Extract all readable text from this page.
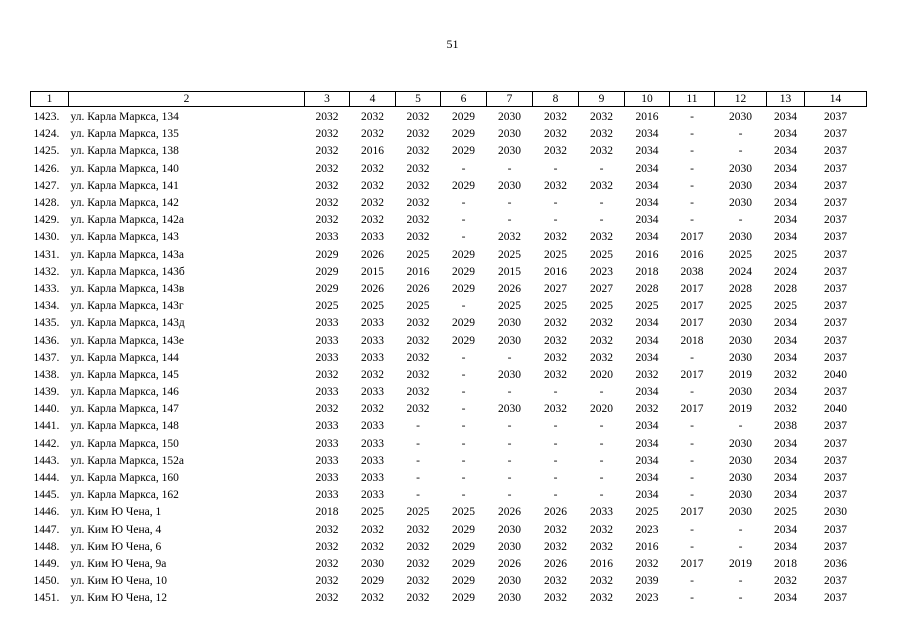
51
1	2	3	4	5	6	7	8	9	10	11	12	13	14
1423.	ул. Карла Маркса, 134	2032	2032	2032	2029	2030	2032	2032	2016	-	2030	2034	2037
1424.	ул. Карла Маркса, 135	2032	2032	2032	2029	2030	2032	2032	2034	-	-	2034	2037
1425.	ул. Карла Маркса, 138	2032	2016	2032	2029	2030	2032	2032	2034	-	-	2034	2037
1426.	ул. Карла Маркса, 140	2032	2032	2032	-	-	-	-	2034	-	2030	2034	2037
1427.	ул. Карла Маркса, 141	2032	2032	2032	2029	2030	2032	2032	2034	-	2030	2034	2037
1428.	ул. Карла Маркса, 142	2032	2032	2032	-	-	-	-	2034	-	2030	2034	2037
1429.	ул. Карла Маркса, 142а	2032	2032	2032	-	-	-	-	2034	-	-	2034	2037
1430.	ул. Карла Маркса, 143	2033	2033	2032	-	2032	2032	2032	2034	2017	2030	2034	2037
1431.	ул. Карла Маркса, 143а	2029	2026	2025	2029	2025	2025	2025	2016	2016	2025	2025	2037
1432.	ул. Карла Маркса, 143б	2029	2015	2016	2029	2015	2016	2023	2018	2038	2024	2024	2037
1433.	ул. Карла Маркса, 143в	2029	2026	2026	2029	2026	2027	2027	2028	2017	2028	2028	2037
1434.	ул. Карла Маркса, 143г	2025	2025	2025	-	2025	2025	2025	2025	2017	2025	2025	2037
1435.	ул. Карла Маркса, 143д	2033	2033	2032	2029	2030	2032	2032	2034	2017	2030	2034	2037
1436.	ул. Карла Маркса, 143е	2033	2033	2032	2029	2030	2032	2032	2034	2018	2030	2034	2037
1437.	ул. Карла Маркса, 144	2033	2033	2032	-	-	2032	2032	2034	-	2030	2034	2037
1438.	ул. Карла Маркса, 145	2032	2032	2032	-	2030	2032	2020	2032	2017	2019	2032	2040
1439.	ул. Карла Маркса, 146	2033	2033	2032	-	-	-	-	2034	-	2030	2034	2037
1440.	ул. Карла Маркса, 147	2032	2032	2032	-	2030	2032	2020	2032	2017	2019	2032	2040
1441.	ул. Карла Маркса, 148	2033	2033	-	-	-	-	-	2034	-	-	2038	2037
1442.	ул. Карла Маркса, 150	2033	2033	-	-	-	-	-	2034	-	2030	2034	2037
1443.	ул. Карла Маркса, 152а	2033	2033	-	-	-	-	-	2034	-	2030	2034	2037
1444.	ул. Карла Маркса, 160	2033	2033	-	-	-	-	-	2034	-	2030	2034	2037
1445.	ул. Карла Маркса, 162	2033	2033	-	-	-	-	-	2034	-	2030	2034	2037
1446.	ул. Ким Ю Чена, 1	2018	2025	2025	2025	2026	2026	2033	2025	2017	2030	2025	2030
1447.	ул. Ким Ю Чена, 4	2032	2032	2032	2029	2030	2032	2032	2023	-	-	2034	2037
1448.	ул. Ким Ю Чена, 6	2032	2032	2032	2029	2030	2032	2032	2016	-	-	2034	2037
1449.	ул. Ким Ю Чена, 9а	2032	2030	2032	2029	2026	2026	2016	2032	2017	2019	2018	2036
1450.	ул. Ким Ю Чена, 10	2032	2029	2032	2029	2030	2032	2032	2039	-	-	2032	2037
1451.	ул. Ким Ю Чена, 12	2032	2032	2032	2029	2030	2032	2032	2023	-	-	2034	2037
